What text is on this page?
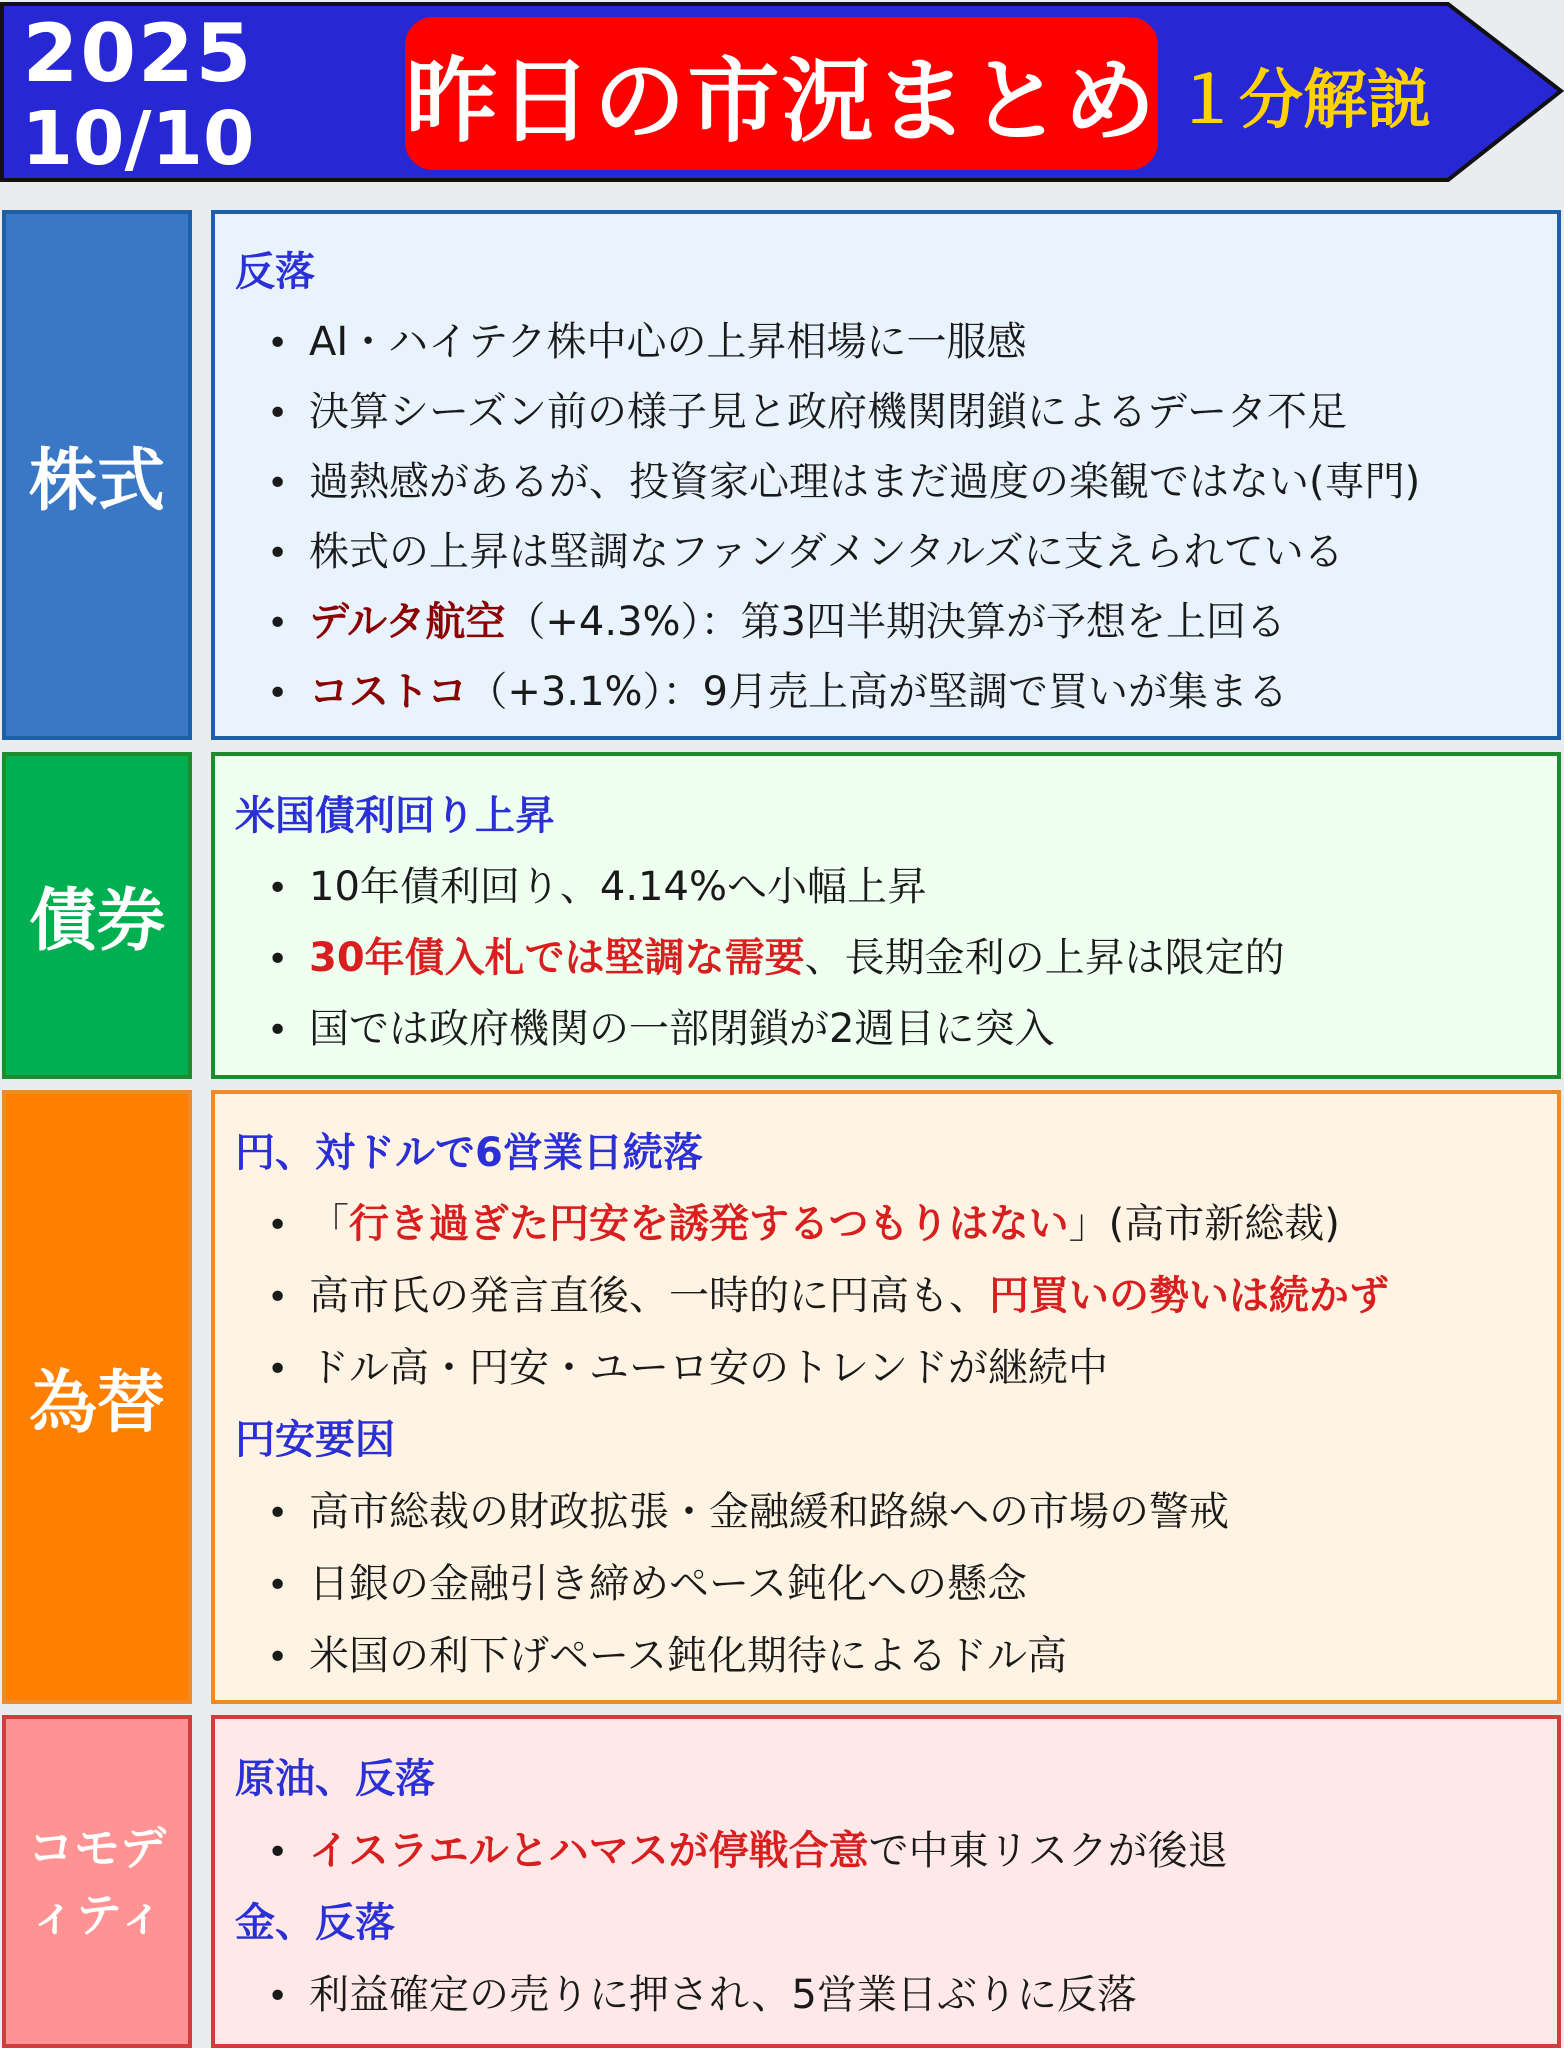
2025
10/10 昨日の市況まとめ １分解説
株式
反落
• AI・ハイテク株中心の上昇相場に一服感
• 決算シーズン前の様子見と政府機関閉鎖によるデータ不足
• 過熱感があるが、投資家心理はまだ過度の楽観ではない(専門)
• 株式の上昇は堅調なファンダメンタルズに支えられている
• デルタ航空（+4.3%）：第3四半期決算が予想を上回る
• コストコ（+3.1%）：9月売上高が堅調で買いが集まる
債券
米国債利回り上昇
• 10年債利回り、4.14%へ小幅上昇
• 30年債入札では堅調な需要、長期金利の上昇は限定的
• 国では政府機関の一部閉鎖が2週目に突入
為替
円、対ドルで6営業日続落
• 「行き過ぎた円安を誘発するつもりはない」(高市新総裁)
• 高市氏の発言直後、一時的に円高も、円買いの勢いは続かず
• ドル高・円安・ユーロ安のトレンドが継続中
円安要因
• 高市総裁の財政拡張・金融緩和路線への市場の警戒
• 日銀の金融引き締めペース鈍化への懸念
• 米国の利下げペース鈍化期待によるドル高
コモディティ
原油、反落
• イスラエルとハマスが停戦合意で中東リスクが後退
金、反落
• 利益確定の売りに押され、5営業日ぶりに反落
